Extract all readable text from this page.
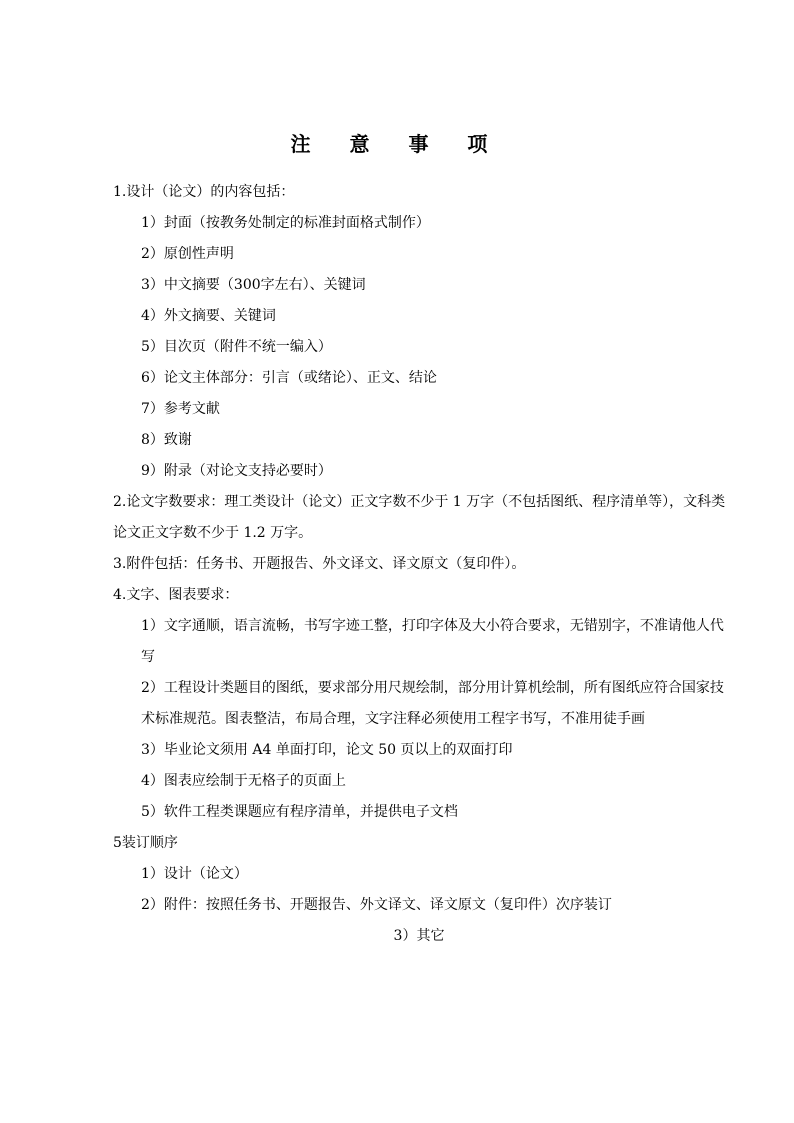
注 意 事 项
1.设计（论文）的内容包括：
1）封面（按教务处制定的标准封面格式制作）
2）原创性声明
3）中文摘要（300字左右）、关键词
4）外文摘要、关键词
5）目次页（附件不统一编入）
6）论文主体部分：引言（或绪论）、正文、结论
7）参考文献
8）致谢
9）附录（对论文支持必要时）
2.论文字数要求：理工类设计（论文）正文字数不少于 1 万字（不包括图纸、程序清单等），文科类
论文正文字数不少于 1.2 万字。
3.附件包括：任务书、开题报告、外文译文、译文原文（复印件）。
4.文字、图表要求：
1）文字通顺，语言流畅，书写字迹工整，打印字体及大小符合要求，无错别字，不准请他人代
写
2）工程设计类题目的图纸，要求部分用尺规绘制，部分用计算机绘制，所有图纸应符合国家技
术标准规范。图表整洁，布局合理，文字注释必须使用工程字书写，不准用徒手画
3）毕业论文须用 A4 单面打印，论文 50 页以上的双面打印
4）图表应绘制于无格子的页面上
5）软件工程类课题应有程序清单，并提供电子文档
5装订顺序
1）设计（论文）
2）附件：按照任务书、开题报告、外文译文、译文原文（复印件）次序装订
3）其它
